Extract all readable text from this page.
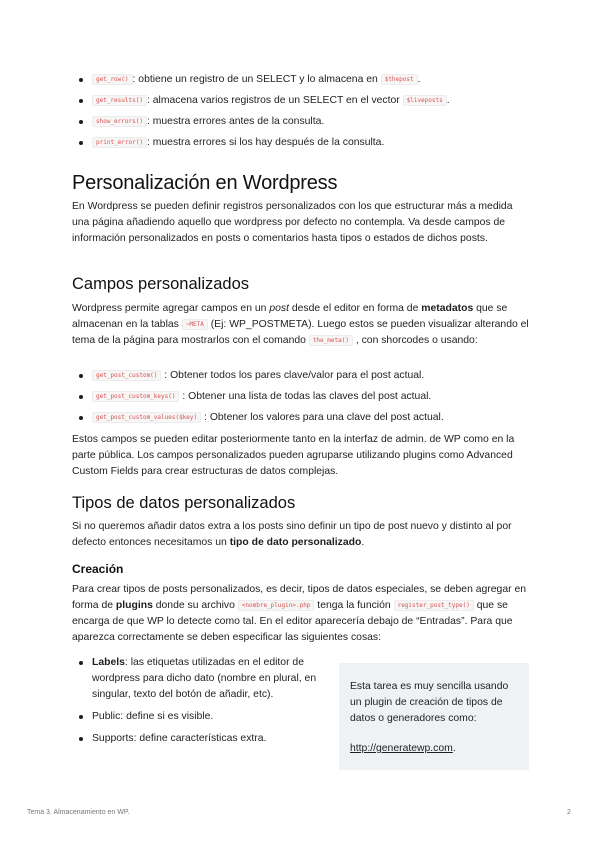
get_row() : obtiene un registro de un SELECT y lo almacena en $thepost .
get_results() : almacena varios registros de un SELECT en el vector $liveposts .
show_errors() : muestra errores antes de la consulta.
print_error() : muestra errores si los hay después de la consulta.
Personalización en Wordpress

En Wordpress se pueden definir registros personalizados con los que estructurar más a medida una página añadiendo aquello que wordpress por defecto no contempla. Va desde campos de información personalizados en posts o comentarios hasta tipos o estados de dichos posts.

Campos personalizados

Wordpress permite agregar campos en un post desde el editor en forma de metadatos que se almacenan en la tablas ~META (Ej: WP_POSTMETA). Luego estos se pueden visualizar alterando el tema de la página para mostrarlos con el comando the_meta() , con shorcodes o usando:

get_post_custom() : Obtener todos los pares clave/valor para el post actual.
get_post_custom_keys() : Obtener una lista de todas las claves del post actual.
get_post_custom_values($key) : Obtener los valores para una clave del post actual.

Estos campos se pueden editar posteriormente tanto en la interfaz de admin. de WP como en la parte pública. Los campos personalizados pueden agruparse utilizando plugins como Advanced Custom Fields para crear estructuras de datos complejas.

Tipos de datos personalizados

Si no queremos añadir datos extra a los posts sino definir un tipo de post nuevo y distinto al por defecto entonces necesitamos un tipo de dato personalizado.

Creación

Para crear tipos de posts personalizados, es decir, tipos de datos especiales, se deben agregar en forma de plugins donde su archivo <nombre_plugin>.php tenga la función register_post_type() que se encarga de que WP lo detecte como tal. En el editor aparecería debajo de “Entradas”. Para que aparezca correctamente se deben especificar las siguientes cosas:

Labels: las etiquetas utilizadas en el editor de wordpress para dicho dato (nombre en plural, en singular, texto del botón de añadir, etc).
Public: define si es visible.
Supports: define características extra.

Esta tarea es muy sencilla usando un plugin de creación de tipos de datos o generadores como:

http://generatewp.com.

Tema 3. Almacenamiento en WP.	2
